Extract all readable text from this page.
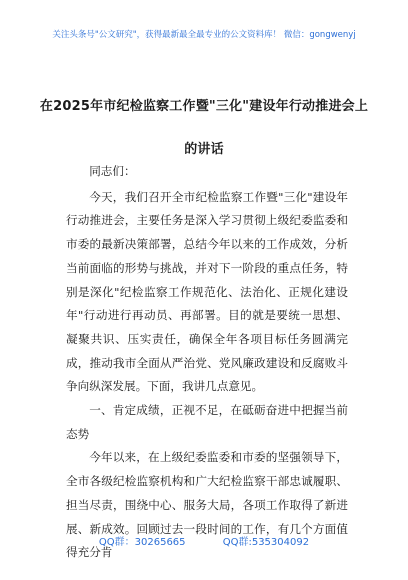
关注头条号"公文研究"，获得最新最全最专业的公文资料库！ 微信：gongwenyj
在2025年市纪检监察工作暨"三化"建设年行动推进会上
的讲话

同志们：

今天，我们召开全市纪检监察工作暨"三化"建设年行动推进会，主要任务是深入学习贯彻上级纪委监委和市委的最新决策部署，总结今年以来的工作成效，分析当前面临的形势与挑战，并对下一阶段的重点任务，特别是深化"纪检监察工作规范化、法治化、正规化建设年"行动进行再动员、再部署。目的就是要统一思想、凝聚共识、压实责任，确保全年各项目标任务圆满完成，推动我市全面从严治党、党风廉政建设和反腐败斗争向纵深发展。下面，我讲几点意见。

一、肯定成绩，正视不足，在砥砺奋进中把握当前态势

今年以来，在上级纪委监委和市委的坚强领导下，全市各级纪检监察机构和广大纪检监察干部忠诚履职、担当尽责，围绕中心、服务大局，各项工作取得了新进展、新成效。回顾过去一段时间的工作，有几个方面值得充分肯

QQ群：30265665	QQ群:535304092
